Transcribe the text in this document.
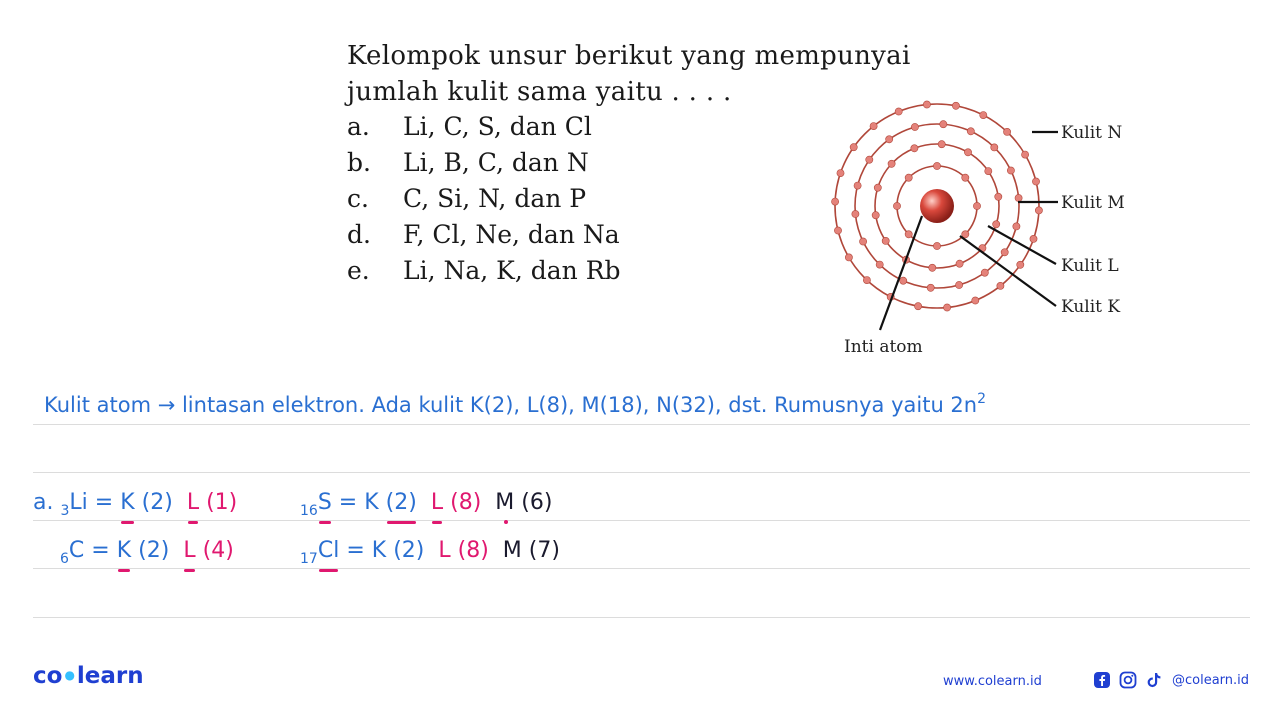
Kelompok unsur berikut yang mempunyai
jumlah kulit sama yaitu . . . .
a. Li, C, S, dan Cl
b. Li, B, C, dan N
c. C, Si, N, dan P
d. F, Cl, Ne, dan Na
e. Li, Na, K, dan Rb
Kulit N
Kulit M
Kulit L
Kulit K
Inti atom
Kulit atom → lintasan elektron. Ada kulit K(2), L(8), M(18), N(32), dst. Rumusnya yaitu $2n^2$
a. $_3$Li = K (2) L (1)	$_{16}$S = K (2) L (8) M (6)
$_6$C = K (2) L (4)	$_{17}$Cl = K (2) L (8) M (7)
co ●learn	www.colearn.id	@colearn.id
